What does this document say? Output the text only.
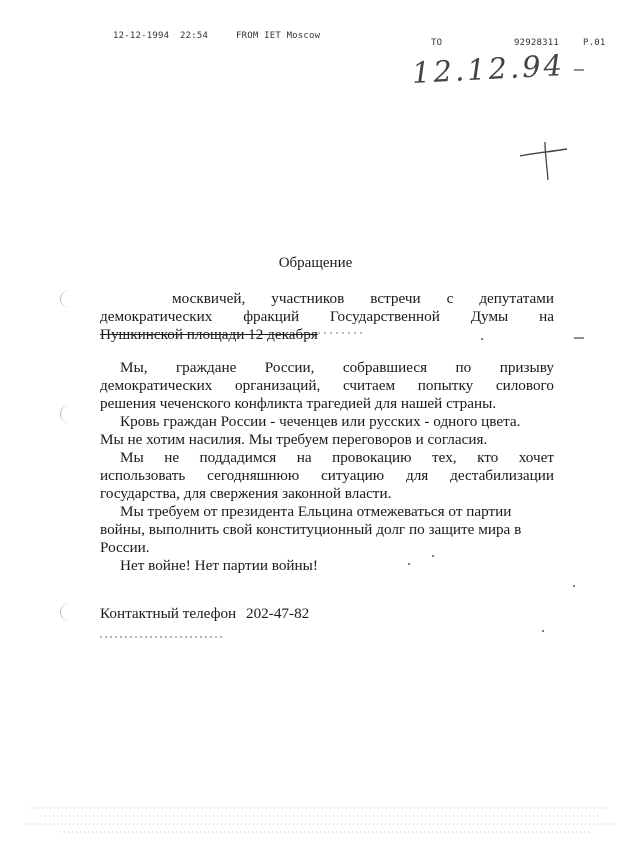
12-12-1994 22:54	FROM IET Moscow
TO	92928311	P.01
12.12.94
Обращение
москвичей, участников встречи с депутатами
демократических фракций Государственной Думы на
Пушкинской площади 12 декабря
Мы, граждане России, собравшиеся по призыву
демократических организаций, считаем попытку силового
решения чеченского конфликта трагедией для нашей страны.
Кровь граждан России - чеченцев или русских - одного цвета.
Мы не хотим насилия. Мы требуем переговоров и согласия.
Мы не поддадимся на провокацию тех, кто хочет
использовать сегодняшнюю ситуацию для дестабилизации
государства, для свержения законной власти.
Мы требуем от президента Ельцина отмежеваться от партии
войны, выполнить свой конституционный долг по защите мира в
России.
Нет войне! Нет партии войны!
Контактный телефон 202-47-82
